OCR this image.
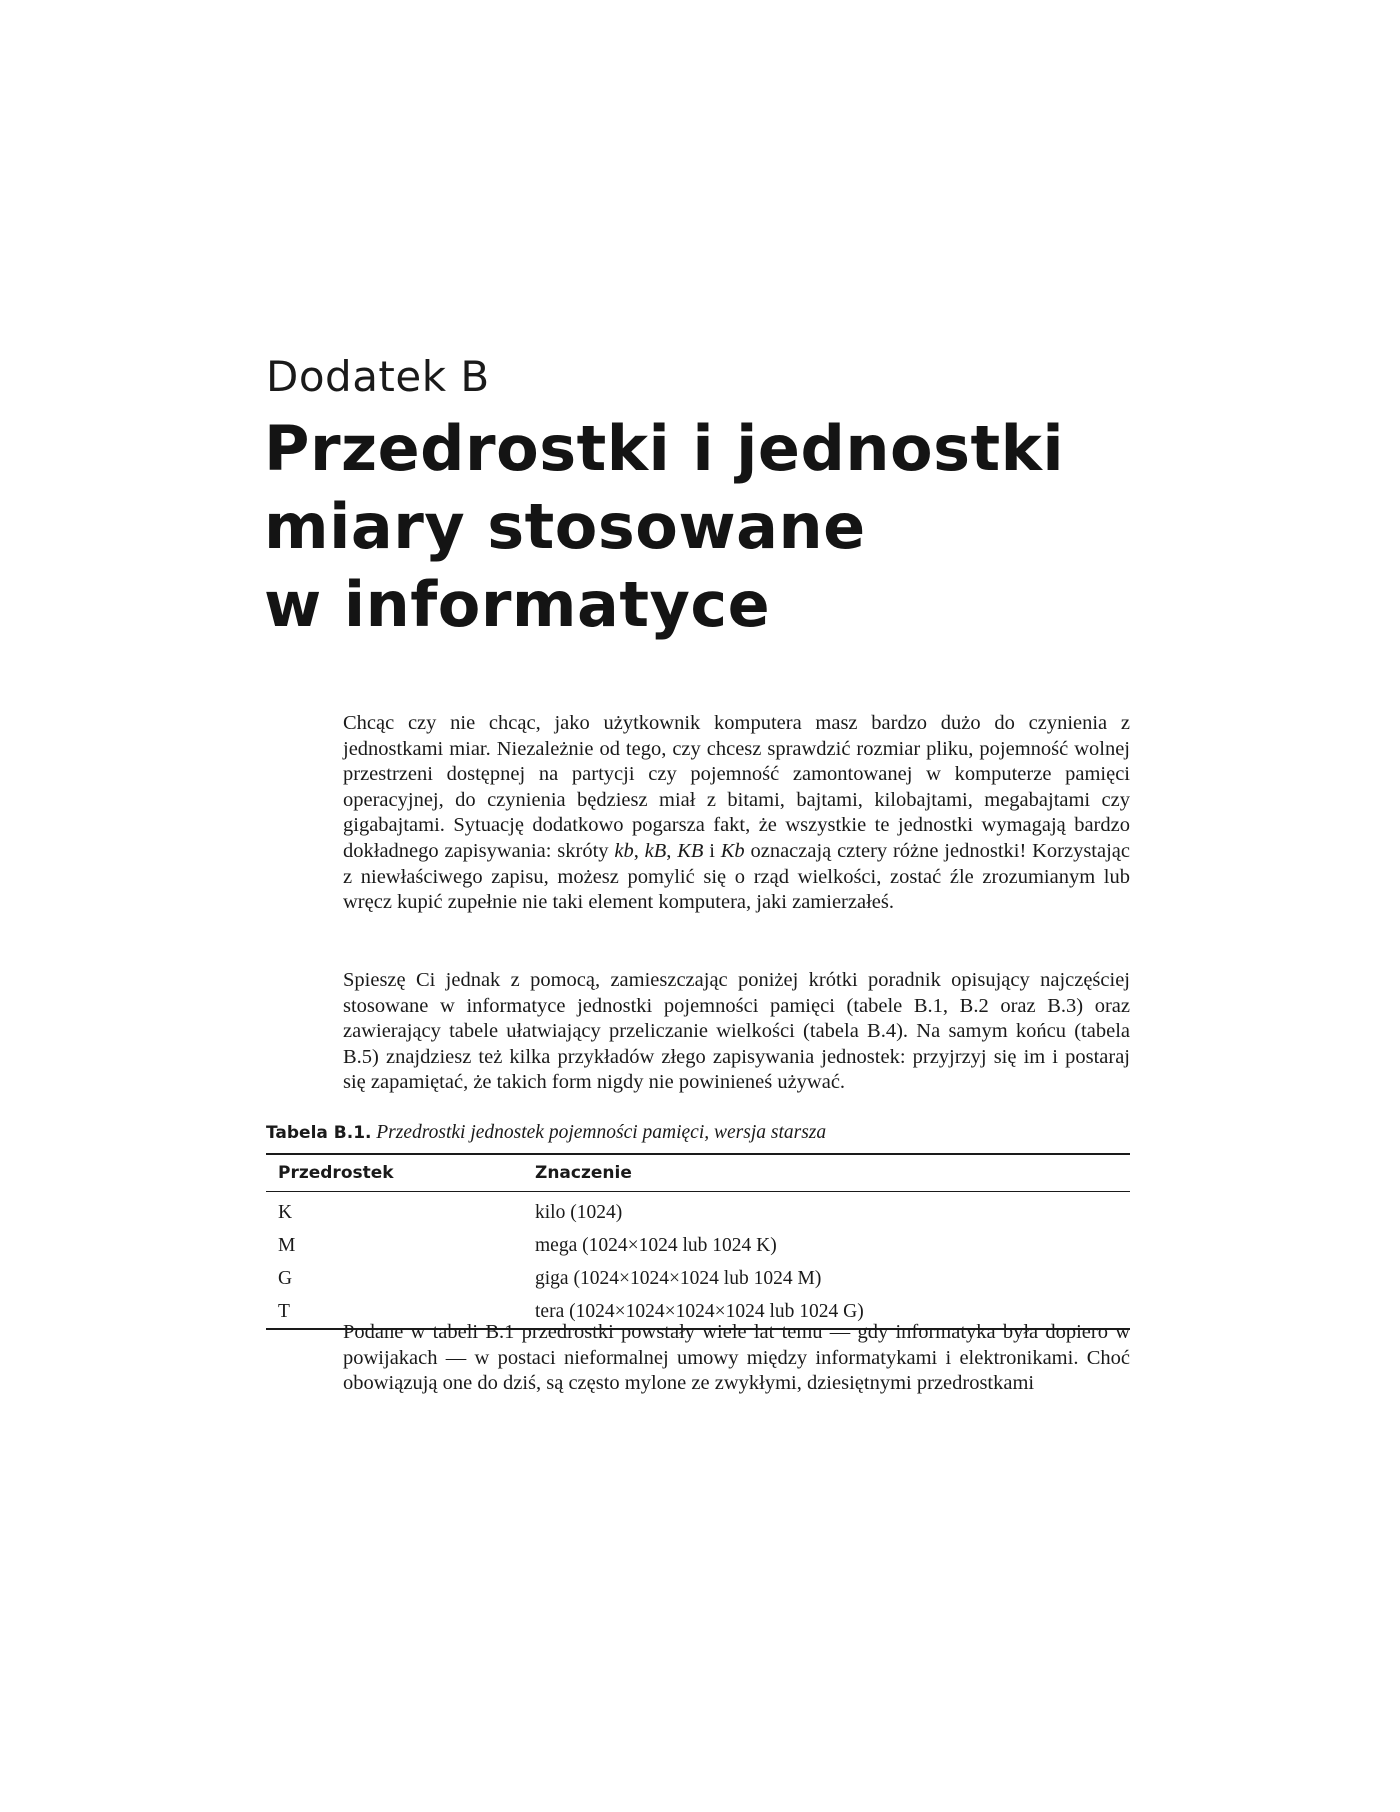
Dodatek B
Przedrostki i jednostki
miary stosowane
w informatyce

Chcąc czy nie chcąc, jako użytkownik komputera masz bardzo dużo do czynienia z jednostkami miar. Niezależnie od tego, czy chcesz sprawdzić rozmiar pliku, pojemność wolnej przestrzeni dostępnej na partycji czy pojemność zamontowanej w komputerze pamięci operacyjnej, do czynienia będziesz miał z bitami, bajtami, kilobajtami, megabajtami czy gigabajtami. Sytuację dodatkowo pogarsza fakt, że wszystkie te jednostki wymagają bardzo dokładnego zapisywania: skróty kb, kB, KB i Kb oznaczają cztery różne jednostki! Korzystając z niewłaściwego zapisu, możesz pomylić się o rząd wielkości, zostać źle zrozumianym lub wręcz kupić zupełnie nie taki element komputera, jaki zamierzałeś.

Spieszę Ci jednak z pomocą, zamieszczając poniżej krótki poradnik opisujący najczęściej stosowane w informatyce jednostki pojemności pamięci (tabele B.1, B.2 oraz B.3) oraz zawierający tabele ułatwiający przeliczanie wielkości (tabela B.4). Na samym końcu (tabela B.5) znajdziesz też kilka przykładów złego zapisywania jednostek: przyjrzyj się im i postaraj się zapamiętać, że takich form nigdy nie powinieneś używać.

Tabela B.1. Przedrostki jednostek pojemności pamięci, wersja starsza
Przedrostek	Znaczenie
K	kilo (1024)
M	mega (1024×1024 lub 1024 K)
G	giga (1024×1024×1024 lub 1024 M)
T	tera (1024×1024×1024×1024 lub 1024 G)

Podane w tabeli B.1 przedrostki powstały wiele lat temu — gdy informatyka była dopiero w powijakach — w postaci nieformalnej umowy między informatykami i elektronikami. Choć obowiązują one do dziś, są często mylone ze zwykłymi, dziesiętnymi przedrostkami
